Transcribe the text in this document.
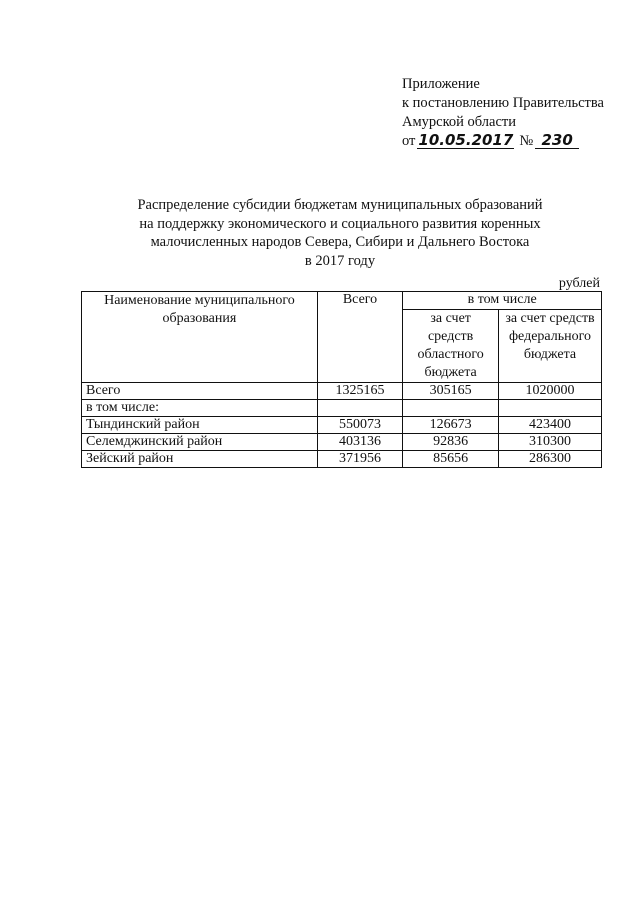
Приложение
к постановлению Правительства
Амурской области
от 10.05.2017 № 230
Распределение субсидии бюджетам муниципальных образований
на поддержку экономического и социального развития коренных
малочисленных народов Севера, Сибири и Дальнего Востока
в 2017 году
рублей
Наименование муниципального образования	Всего	в том числе	
		за счет средств областного бюджета	за счет средств федерального бюджета
Всего	1325165	305165	1020000
в том числе:			
Тындинский район	550073	126673	423400
Селемджинский район	403136	92836	310300
Зейский район	371956	85656	286300
